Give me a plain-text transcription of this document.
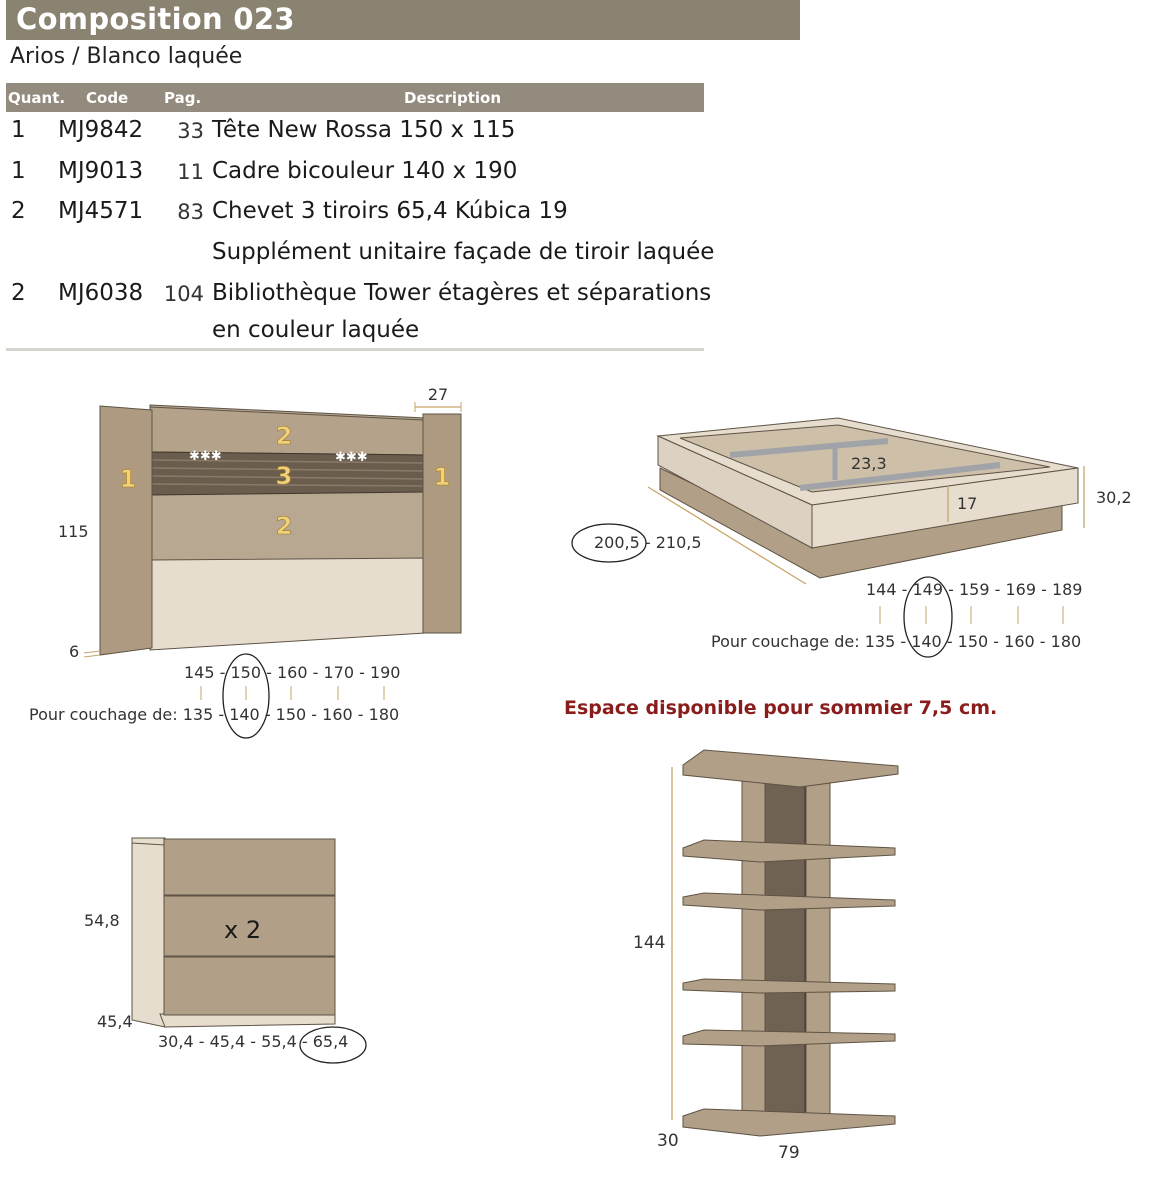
Composition 023
Arios / Blanco laquée
Quant. Code Pag.	Description
1 MJ9842	33 Tête New Rossa 150 x 115
1 MJ9013	11 Cadre bicouleur 140 x 190
2 MJ4571	83 Chevet 3 tiroirs 65,4 Kúbica 19
Supplément unitaire façade de tiroir laquée
2 MJ6038 104 Bibliothèque Tower étagères et séparations
en couleur laquée
✱✱✱	✱✱✱
2
3
2
1	1
27
115
6
145 - 150 - 160 - 170 - 190
Pour couchage de: 135 - 140 - 150 - 160 - 180
23,3
17	30,2
200,5 - 210,5
144 - 149 - 159 - 169 - 189
Pour couchage de: 135 - 140 - 150 - 160 - 180
Espace disponible pour sommier 7,5 cm.
x 2
54,8
45,4
30,4 - 45,4 - 55,4 - 65,4
144
30
79
